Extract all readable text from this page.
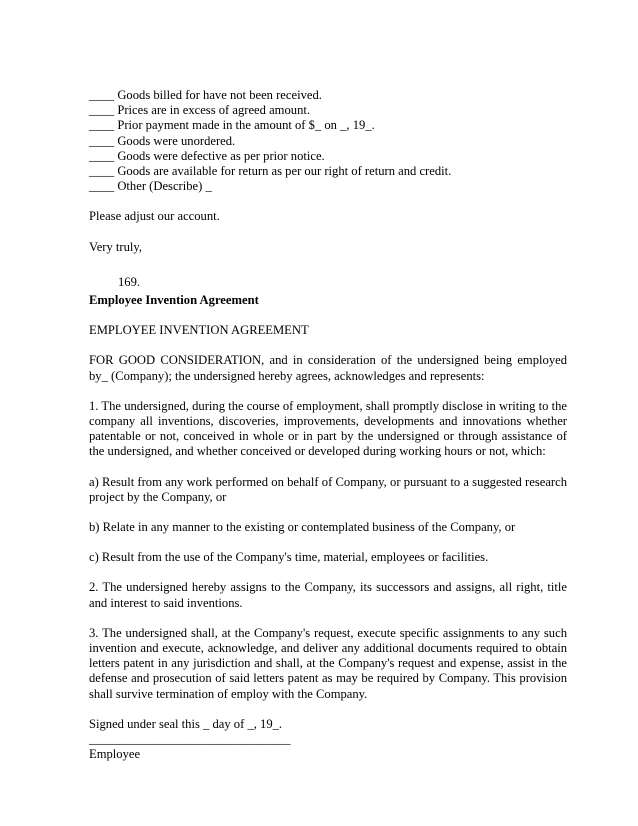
____ Goods billed for have not been received.

____ Prices are in excess of agreed amount.

____ Prior payment made in the amount of $_ on _, 19_.

____ Goods were unordered.

____ Goods were defective as per prior notice.

____ Goods are available for return as per our right of return and credit.

____ Other (Describe) _

Please adjust our account.

Very truly,

169.

Employee Invention Agreement

EMPLOYEE INVENTION AGREEMENT

FOR GOOD CONSIDERATION, and in consideration of the undersigned being employed by_ (Company); the undersigned hereby agrees, acknowledges and represents:

1. The undersigned, during the course of employment, shall promptly disclose in writing to the company all inventions, discoveries, improvements, developments and innovations whether patentable or not, conceived in whole or in part by the undersigned or through assistance of the undersigned, and whether conceived or developed during working hours or not, which:

a) Result from any work performed on behalf of Company, or pursuant to a suggested research project by the Company, or

b) Relate in any manner to the existing or contemplated business of the Company, or

c) Result from the use of the Company's time, material, employees or facilities.

2. The undersigned hereby assigns to the Company, its successors and assigns, all right, title and interest to said inventions.

3. The undersigned shall, at the Company's request, execute specific assignments to any such invention and execute, acknowledge, and deliver any additional documents required to obtain letters patent in any jurisdiction and shall, at the Company's request and expense, assist in the defense and prosecution of said letters patent as may be required by Company. This provision shall survive termination of employ with the Company.

Signed under seal this _ day of _, 19_.

________________________________

Employee
